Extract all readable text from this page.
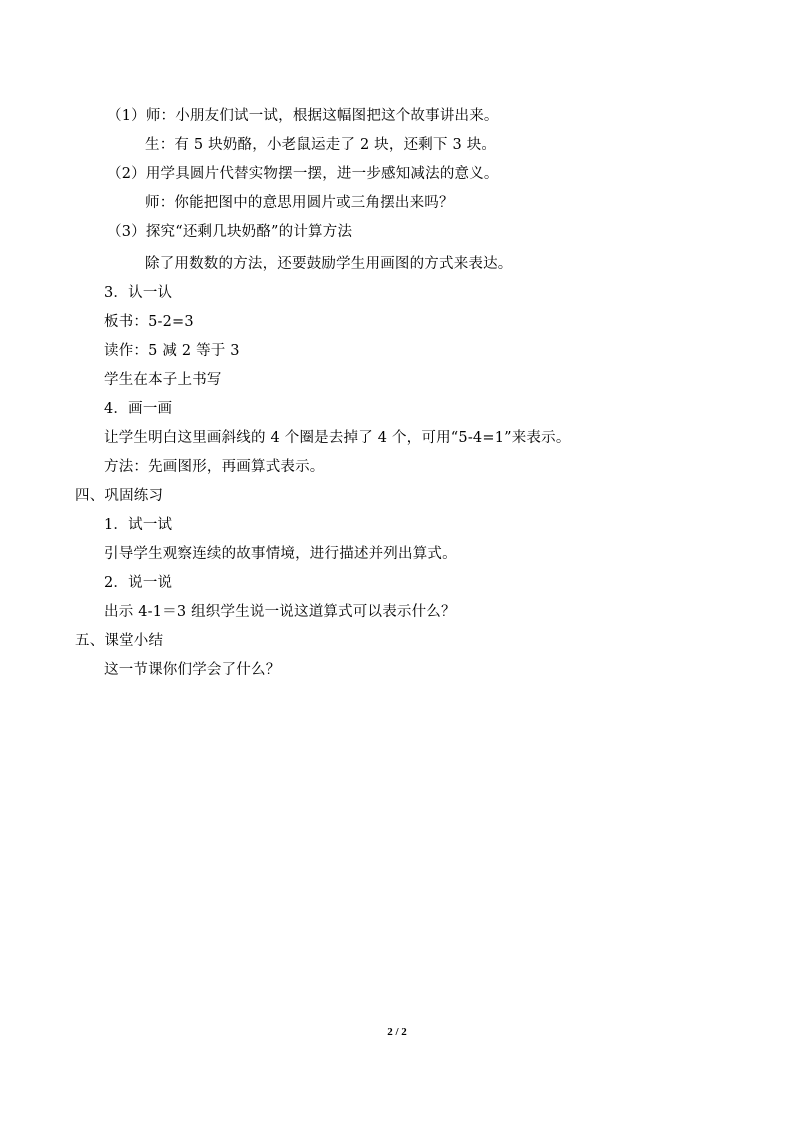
（1）师：小朋友们试一试，根据这幅图把这个故事讲出来。
生：有 5 块奶酪，小老鼠运走了 2 块，还剩下 3 块。
（2）用学具圆片代替实物摆一摆，进一步感知减法的意义。
师：你能把图中的意思用圆片或三角摆出来吗？
（3）探究“还剩几块奶酪”的计算方法
除了用数数的方法，还要鼓励学生用画图的方式来表达。
3．认一认
板书：5-2=3
读作：5 减 2 等于 3
学生在本子上书写
4．画一画
让学生明白这里画斜线的 4 个圈是去掉了 4 个，可用“5-4=1”来表示。
方法：先画图形，再画算式表示。
四、巩固练习
1．试一试
引导学生观察连续的故事情境，进行描述并列出算式。
2．说一说
出示 4-1＝3 组织学生说一说这道算式可以表示什么？
五、课堂小结
这一节课你们学会了什么？
2 / 2
